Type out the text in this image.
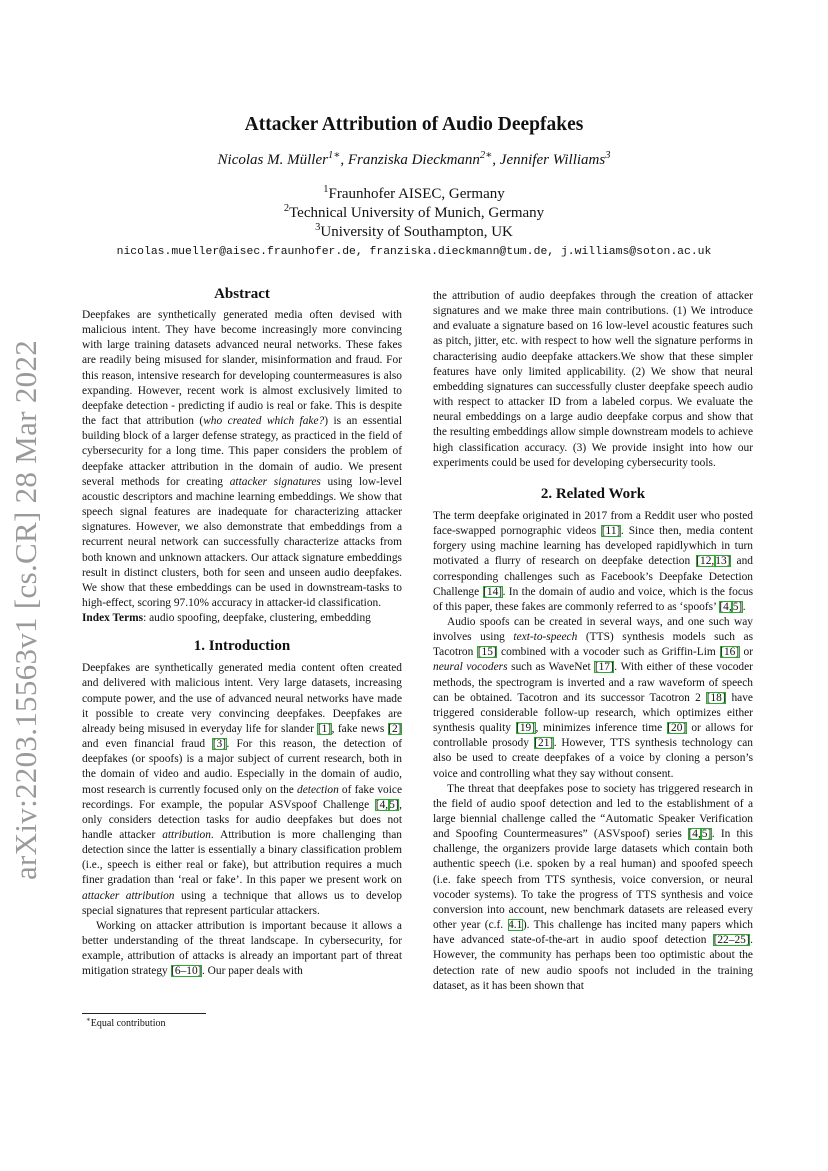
arXiv:2203.15563v1 [cs.CR] 28 Mar 2022
Attacker Attribution of Audio Deepfakes
Nicolas M. Müller$^{1∗}$, Franziska Dieckmann$^{2∗}$, Jennifer Williams$^3$
$^1$Fraunhofer AISEC, Germany
$^2$Technical University of Munich, Germany
$^3$University of Southampton, UK
nicolas.mueller@aisec.fraunhofer.de, franziska.dieckmann@tum.de, j.williams@soton.ac.uk

Abstract

Deepfakes are synthetically generated media often devised with malicious intent. They have become increasingly more convincing with large training datasets advanced neural networks. These fakes are readily being misused for slander, misinformation and fraud. For this reason, intensive research for developing countermeasures is also expanding. However, recent work is almost exclusively limited to deepfake detection - predicting if audio is real or fake. This is despite the fact that attribution (who created which fake?) is an essential building block of a larger defense strategy, as practiced in the field of cybersecurity for a long time. This paper considers the problem of deepfake attacker attribution in the domain of audio. We present several methods for creating attacker signatures using low-level acoustic descriptors and machine learning embeddings. We show that speech signal features are inadequate for characterizing attacker signatures. However, we also demonstrate that embeddings from a recurrent neural network can successfully characterize attacks from both known and unknown attackers. Our attack signature embeddings result in distinct clusters, both for seen and unseen audio deepfakes. We show that these embeddings can be used in downstream-tasks to high-effect, scoring 97.10% accuracy in attacker-id classification.

Index Terms: audio spoofing, deepfake, clustering, embedding

1. Introduction

Deepfakes are synthetically generated media content often created and delivered with malicious intent. Very large datasets, increasing compute power, and the use of advanced neural networks have made it possible to create very convincing deepfakes. Deepfakes are already being misused in everyday life for slander [1], fake news [2] and even financial fraud [3]. For this reason, the detection of deepfakes (or spoofs) is a major subject of current research, both in the domain of video and audio. Especially in the domain of audio, most research is currently focused only on the detection of fake voice recordings. For example, the popular ASVspoof Challenge [4,5], only considers detection tasks for audio deepfakes but does not handle attacker attribution. Attribution is more challenging than detection since the latter is essentially a binary classification problem (i.e., speech is either real or fake), but attribution requires a much finer gradation than ‘real or fake’. In this paper we present work on attacker attribution using a technique that allows us to develop special signatures that represent particular attackers.

Working on attacker attribution is important because it allows a better understanding of the threat landscape. In cybersecurity, for example, attribution of attacks is already an important part of threat mitigation strategy [6–10]. Our paper deals with

the attribution of audio deepfakes through the creation of attacker signatures and we make three main contributions. (1) We introduce and evaluate a signature based on 16 low-level acoustic features such as pitch, jitter, etc. with respect to how well the signature performs in characterising audio deepfake attackers.We show that these simpler features have only limited applicability. (2) We show that neural embedding signatures can successfully cluster deepfake speech audio with respect to attacker ID from a labeled corpus. We evaluate the neural embeddings on a large audio deepfake corpus and show that the resulting embeddings allow simple downstream models to achieve high classification accuracy. (3) We provide insight into how our experiments could be used for developing cybersecurity tools.

2. Related Work

The term deepfake originated in 2017 from a Reddit user who posted face-swapped pornographic videos [11]. Since then, media content forgery using machine learning has developed rapidlywhich in turn motivated a flurry of research on deepfake detection [12,13] and corresponding challenges such as Facebook’s Deepfake Detection Challenge [14]. In the domain of audio and voice, which is the focus of this paper, these fakes are commonly referred to as ‘spoofs’ [4,5].

Audio spoofs can be created in several ways, and one such way involves using text-to-speech (TTS) synthesis models such as Tacotron [15] combined with a vocoder such as Griffin-Lim [16] or neural vocoders such as WaveNet [17]. With either of these vocoder methods, the spectrogram is inverted and a raw waveform of speech can be obtained. Tacotron and its successor Tacotron 2 [18] have triggered considerable follow-up research, which optimizes either synthesis quality [19], minimizes inference time [20] or allows for controllable prosody [21]. However, TTS synthesis technology can also be used to create deepfakes of a voice by cloning a person’s voice and controlling what they say without consent.

The threat that deepfakes pose to society has triggered research in the field of audio spoof detection and led to the establishment of a large biennial challenge called the “Automatic Speaker Verification and Spoofing Countermeasures” (ASVspoof) series [4,5]. In this challenge, the organizers provide large datasets which contain both authentic speech (i.e. spoken by a real human) and spoofed speech (i.e. fake speech from TTS synthesis, voice conversion, or neural vocoder systems). To take the progress of TTS synthesis and voice conversion into account, new benchmark datasets are released every other year (c.f. 4.1). This challenge has incited many papers which have advanced state-of-the-art in audio spoof detection [22–25]. However, the community has perhaps been too optimistic about the detection rate of new audio spoofs not included in the training dataset, as it has been shown that

∗Equal contribution
